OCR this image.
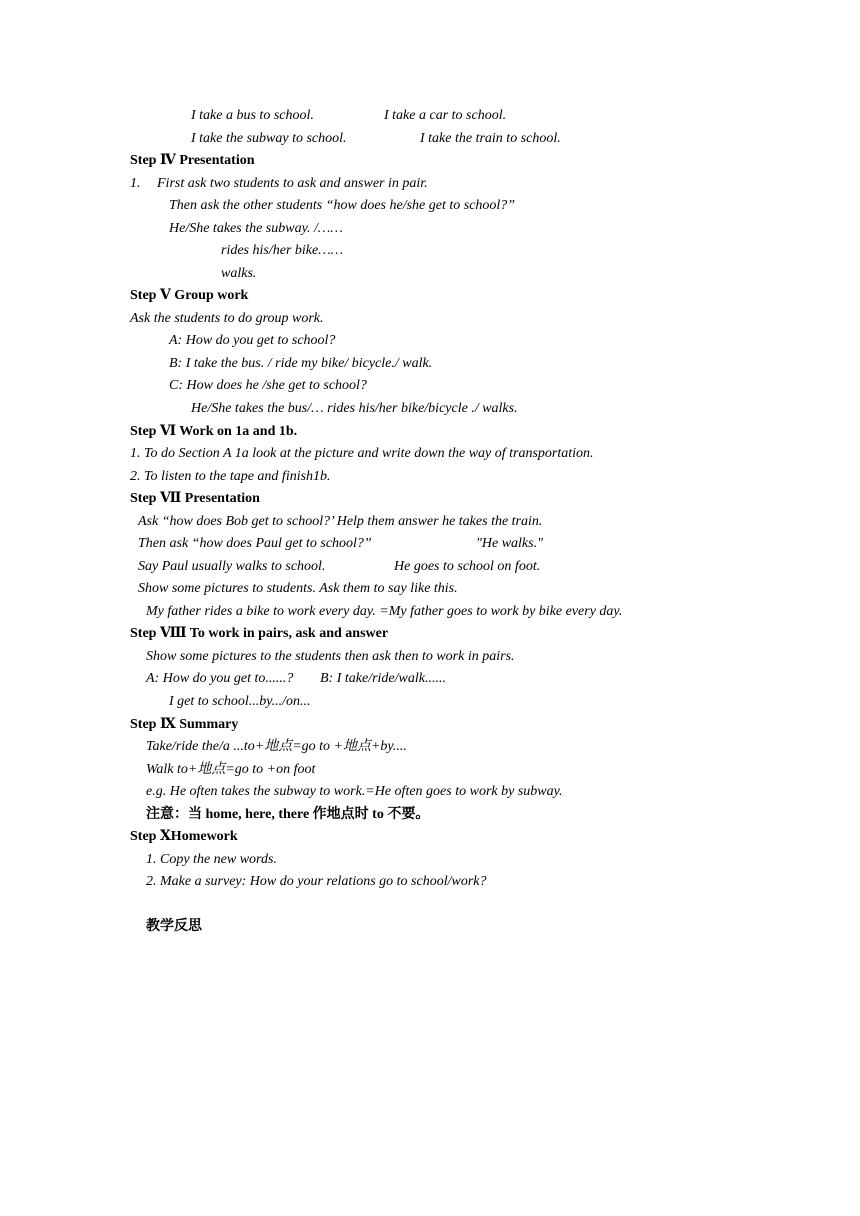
I take a bus to school.	I take a car to school.
I take the subway to school.	I take the train to school.
Step Ⅳ Presentation
1. First ask two students to ask and answer in pair.
Then ask the other students “how does he/she get to school?”
He/She takes the subway. /……
rides his/her bike……
walks.
Step Ⅴ Group work
Ask the students to do group work.
A: How do you get to school?
B: I take the bus. / ride my bike/ bicycle./ walk.
C: How does he /she get to school?
He/She takes the bus/… rides his/her bike/bicycle ./ walks.
Step Ⅵ Work on 1a and 1b.
1. To do Section A 1a look at the picture and write down the way of transportation.
2. To listen to the tape and finish1b.
Step Ⅶ Presentation
Ask “how does Bob get to school?’ Help them answer he takes the train.
Then ask “how does Paul get to school?”	"He walks."
Say Paul usually walks to school.	He goes to school on foot.
Show some pictures to students. Ask them to say like this.
My father rides a bike to work every day. =My father goes to work by bike every day.
Step Ⅷ To work in pairs, ask and answer
Show some pictures to the students then ask then to work in pairs.
A: How do you get to......? B: I take/ride/walk......
I get to school...by.../on...
Step Ⅸ Summary
Take/ride the/a ...to+地点=go to +地点+by....
Walk to+地点=go to +on foot
e.g. He often takes the subway to work.=He often goes to work by subway.
注意：当 home, here, there 作地点时 to 不要。
Step ⅩHomework
1. Copy the new words.
2. Make a survey: How do your relations go to school/work?
教学反思
